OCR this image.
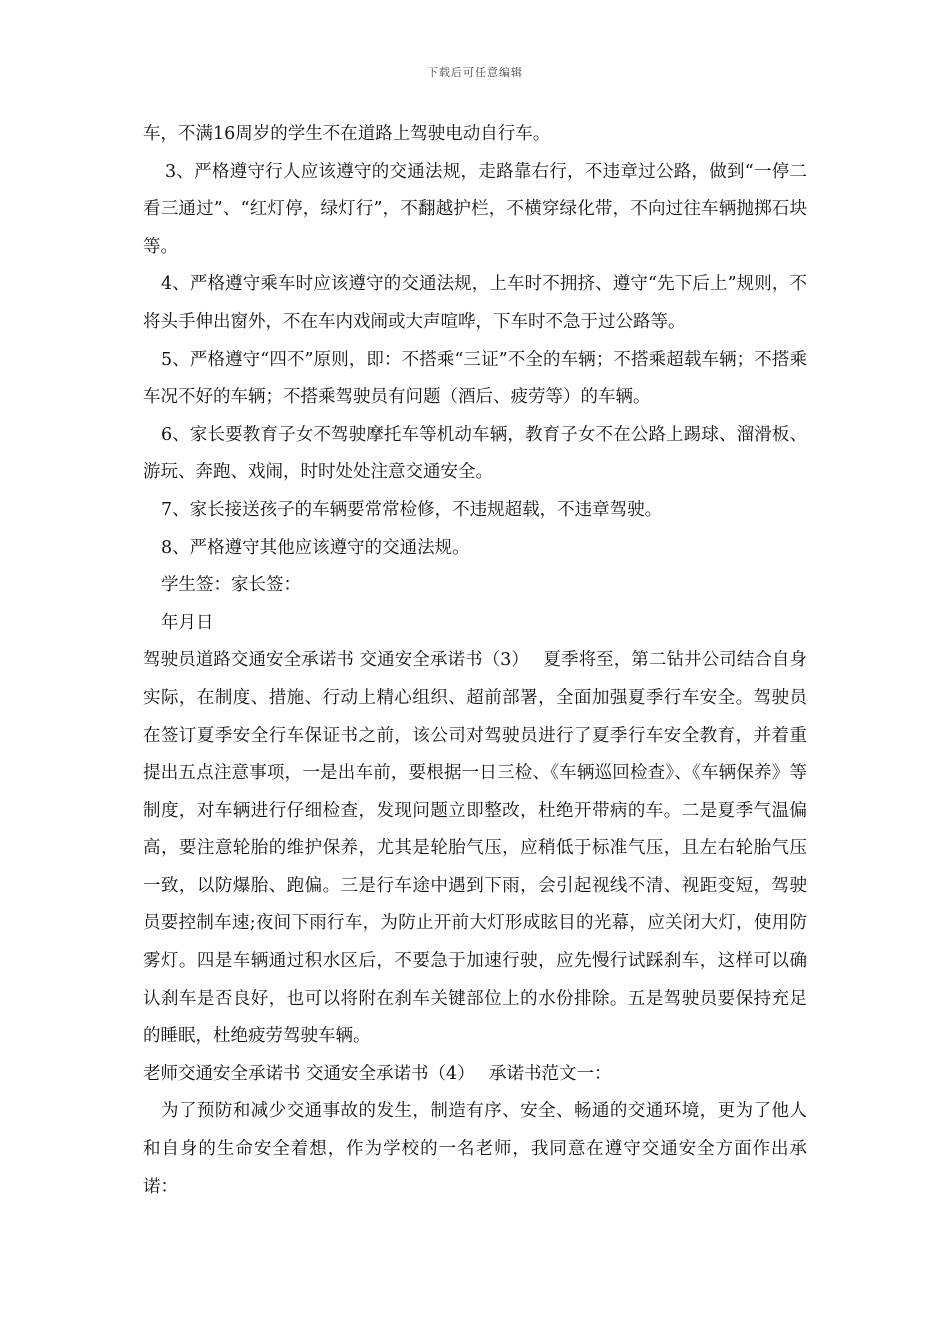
下载后可任意编辑

车，不满16周岁的学生不在道路上驾驶电动自行车。

3、严格遵守行人应该遵守的交通法规，走路靠右行，不违章过公路，做到“一停二看三通过”、“红灯停，绿灯行”，不翻越护栏，不横穿绿化带，不向过往车辆抛掷石块等。

4、严格遵守乘车时应该遵守的交通法规，上车时不拥挤、遵守“先下后上”规则，不将头手伸出窗外，不在车内戏闹或大声喧哗，下车时不急于过公路等。

5、严格遵守“四不”原则，即：不搭乘“三证”不全的车辆；不搭乘超载车辆；不搭乘车况不好的车辆；不搭乘驾驶员有问题（酒后、疲劳等）的车辆。

6、家长要教育子女不驾驶摩托车等机动车辆，教育子女不在公路上踢球、溜滑板、游玩、奔跑、戏闹，时时处处注意交通安全。

7、家长接送孩子的车辆要常常检修，不违规超载，不违章驾驶。

8、严格遵守其他应该遵守的交通法规。

学生签：家长签：

年月日

驾驶员道路交通安全承诺书 交通安全承诺书（3）　 夏季将至，第二钻井公司结合自身实际，在制度、措施、行动上精心组织、超前部署，全面加强夏季行车安全。驾驶员在签订夏季安全行车保证书之前，该公司对驾驶员进行了夏季行车安全教育，并着重提出五点注意事项，一是出车前，要根据一日三检、《车辆巡回检查》、《车辆保养》等制度，对车辆进行仔细检查，发现问题立即整改，杜绝开带病的车。二是夏季气温偏高，要注意轮胎的维护保养，尤其是轮胎气压，应稍低于标准气压，且左右轮胎气压一致，以防爆胎、跑偏。三是行车途中遇到下雨，会引起视线不清、视距变短，驾驶员要控制车速;夜间下雨行车，为防止开前大灯形成眩目的光幕，应关闭大灯，使用防雾灯。四是车辆通过积水区后，不要急于加速行驶，应先慢行试踩刹车，这样可以确认刹车是否良好，也可以将附在刹车关键部位上的水份排除。五是驾驶员要保持充足的睡眠，杜绝疲劳驾驶车辆。

老师交通安全承诺书 交通安全承诺书（4）　 承诺书范文一：

为了预防和减少交通事故的发生，制造有序、安全、畅通的交通环境，更为了他人和自身的生命安全着想，作为学校的一名老师，我同意在遵守交通安全方面作出承诺：
